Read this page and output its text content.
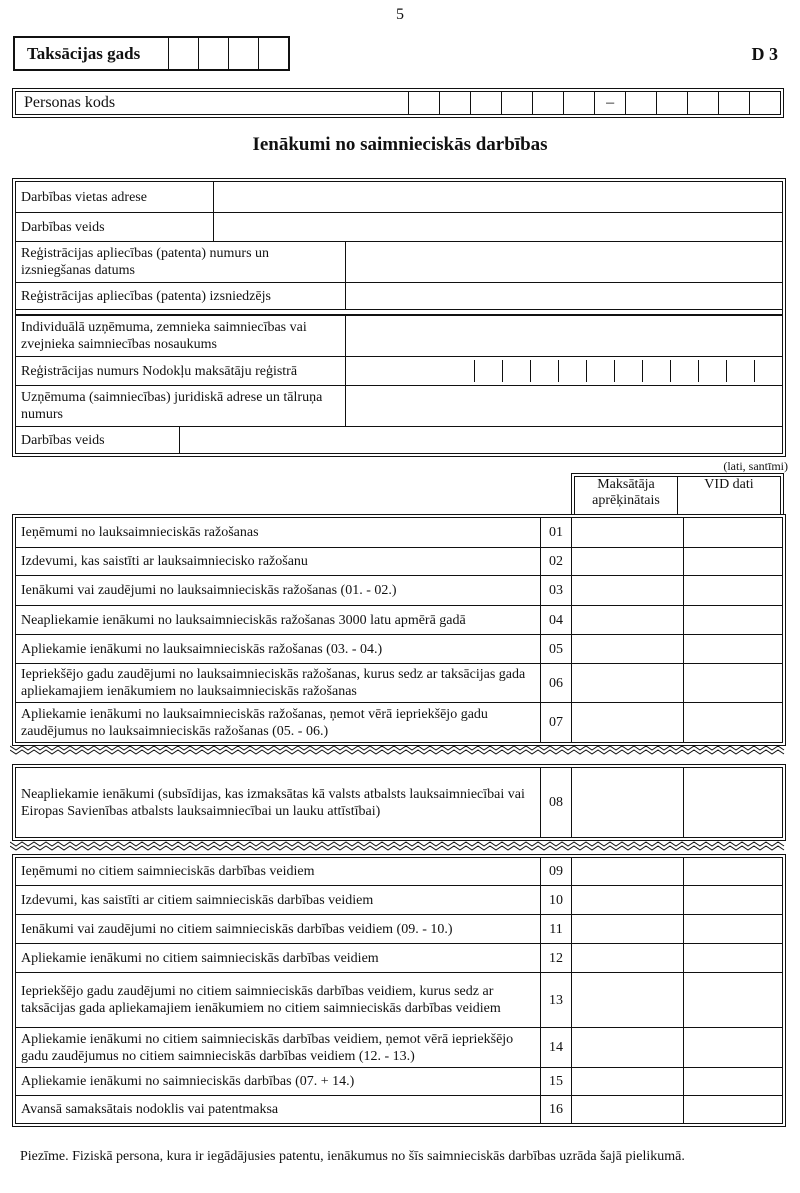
5
Taksācijas gads	D 3
Personas kods	–
Ienākumi no saimnieciskās darbības
Darbības vietas adrese
Darbības veids
Reģistrācijas apliecības (patenta) numurs un izsniegšanas datums
Reģistrācijas apliecības (patenta) izsniedzējs
Individuālā uzņēmuma, zemnieka saimniecības vai zvejnieka saimniecības nosaukums
Reģistrācijas numurs Nodokļu maksātāju reģistrā
Uzņēmuma (saimniecības) juridiskā adrese un tālruņa numurs
Darbības veids
(lati, santīmi)
Maksātāja aprēķinātais
VID dati
Ieņēmumi no lauksaimnieciskās ražošanas	01		
Izdevumi, kas saistīti ar lauksaimniecisko ražošanu	02		
Ienākumi vai zaudējumi no lauksaimnieciskās ražošanas (01. - 02.)	03		
Neapliekamie ienākumi no lauksaimnieciskās ražošanas 3000 latu apmērā gadā	04		
Apliekamie ienākumi no lauksaimnieciskās ražošanas (03. - 04.)	05		
Iepriekšējo gadu zaudējumi no lauksaimnieciskās ražošanas, kurus sedz ar taksācijas gada apliekamajiem ienākumiem no lauksaimnieciskās ražošanas	06		
Apliekamie ienākumi no lauksaimnieciskās ražošanas, ņemot vērā iepriekšējo gadu zaudējumus no lauksaimnieciskās ražošanas (05. - 06.)	07		
Neapliekamie ienākumi (subsīdijas, kas izmaksātas kā valsts atbalsts lauksaimniecībai vai Eiropas Savienības atbalsts lauksaimniecībai un lauku attīstībai)	08		
Ieņēmumi no citiem saimnieciskās darbības veidiem	09		
Izdevumi, kas saistīti ar citiem saimnieciskās darbības veidiem	10		
Ienākumi vai zaudējumi no citiem saimnieciskās darbības veidiem (09. - 10.)	11		
Apliekamie ienākumi no citiem saimnieciskās darbības veidiem	12		
Iepriekšējo gadu zaudējumi no citiem saimnieciskās darbības veidiem, kurus sedz ar taksācijas gada apliekamajiem ienākumiem no citiem saimnieciskās darbības veidiem	13		
Apliekamie ienākumi no citiem saimnieciskās darbības veidiem, ņemot vērā iepriekšējo gadu zaudējumus no citiem saimnieciskās darbības veidiem (12. - 13.)	14		
Apliekamie ienākumi no saimnieciskās darbības (07. + 14.)	15		
Avansā samaksātais nodoklis vai patentmaksa	16		
Piezīme. Fiziskā persona, kura ir iegādājusies patentu, ienākumus no šīs saimnieciskās darbības uzrāda šajā pielikumā.
